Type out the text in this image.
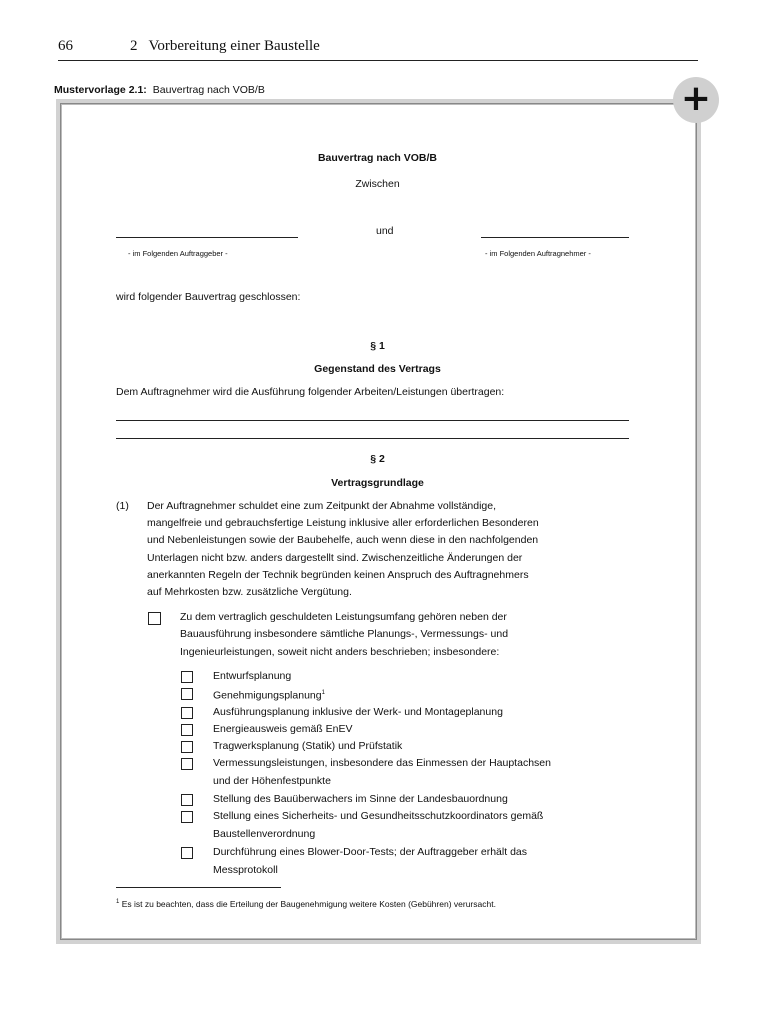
66	2   Vorbereitung einer Baustelle
Mustervorlage 2.1: Bauvertrag nach VOB/B	+
Bauvertrag nach VOB/B
Zwischen
und
- im Folgenden Auftraggeber -	- im Folgenden Auftragnehmer -
wird folgender Bauvertrag geschlossen:
§ 1
Gegenstand des Vertrags
Dem Auftragnehmer wird die Ausführung folgender Arbeiten/Leistungen übertragen:
§ 2
Vertragsgrundlage
(1) Der Auftragnehmer schuldet eine zum Zeitpunkt der Abnahme vollständige,
mangelfreie und gebrauchsfertige Leistung inklusive aller erforderlichen Besonderen
und Nebenleistungen sowie der Baubehelfe, auch wenn diese in den nachfolgenden
Unterlagen nicht bzw. anders dargestellt sind. Zwischenzeitliche Änderungen der
anerkannten Regeln der Technik begründen keinen Anspruch des Auftragnehmers
auf Mehrkosten bzw. zusätzliche Vergütung.
Zu dem vertraglich geschuldeten Leistungsumfang gehören neben der
Bauausführung insbesondere sämtliche Planungs-, Vermessungs- und
Ingenieurleistungen, soweit nicht anders beschrieben; insbesondere:
Entwurfsplanung
Genehmigungsplanung$^1$
Ausführungsplanung inklusive der Werk- und Montageplanung
Energieausweis gemäß EnEV
Tragwerksplanung (Statik) und Prüfstatik
Vermessungsleistungen, insbesondere das Einmessen der Hauptachsen
und der Höhenfestpunkte
Stellung des Bauüberwachers im Sinne der Landesbauordnung
Stellung eines Sicherheits- und Gesundheitsschutzkoordinators gemäß
Baustellenverordnung
Durchführung eines Blower-Door-Tests; der Auftraggeber erhält das
Messprotokoll
$^1$ Es ist zu beachten, dass die Erteilung der Baugenehmigung weitere Kosten (Gebühren) verursacht.
